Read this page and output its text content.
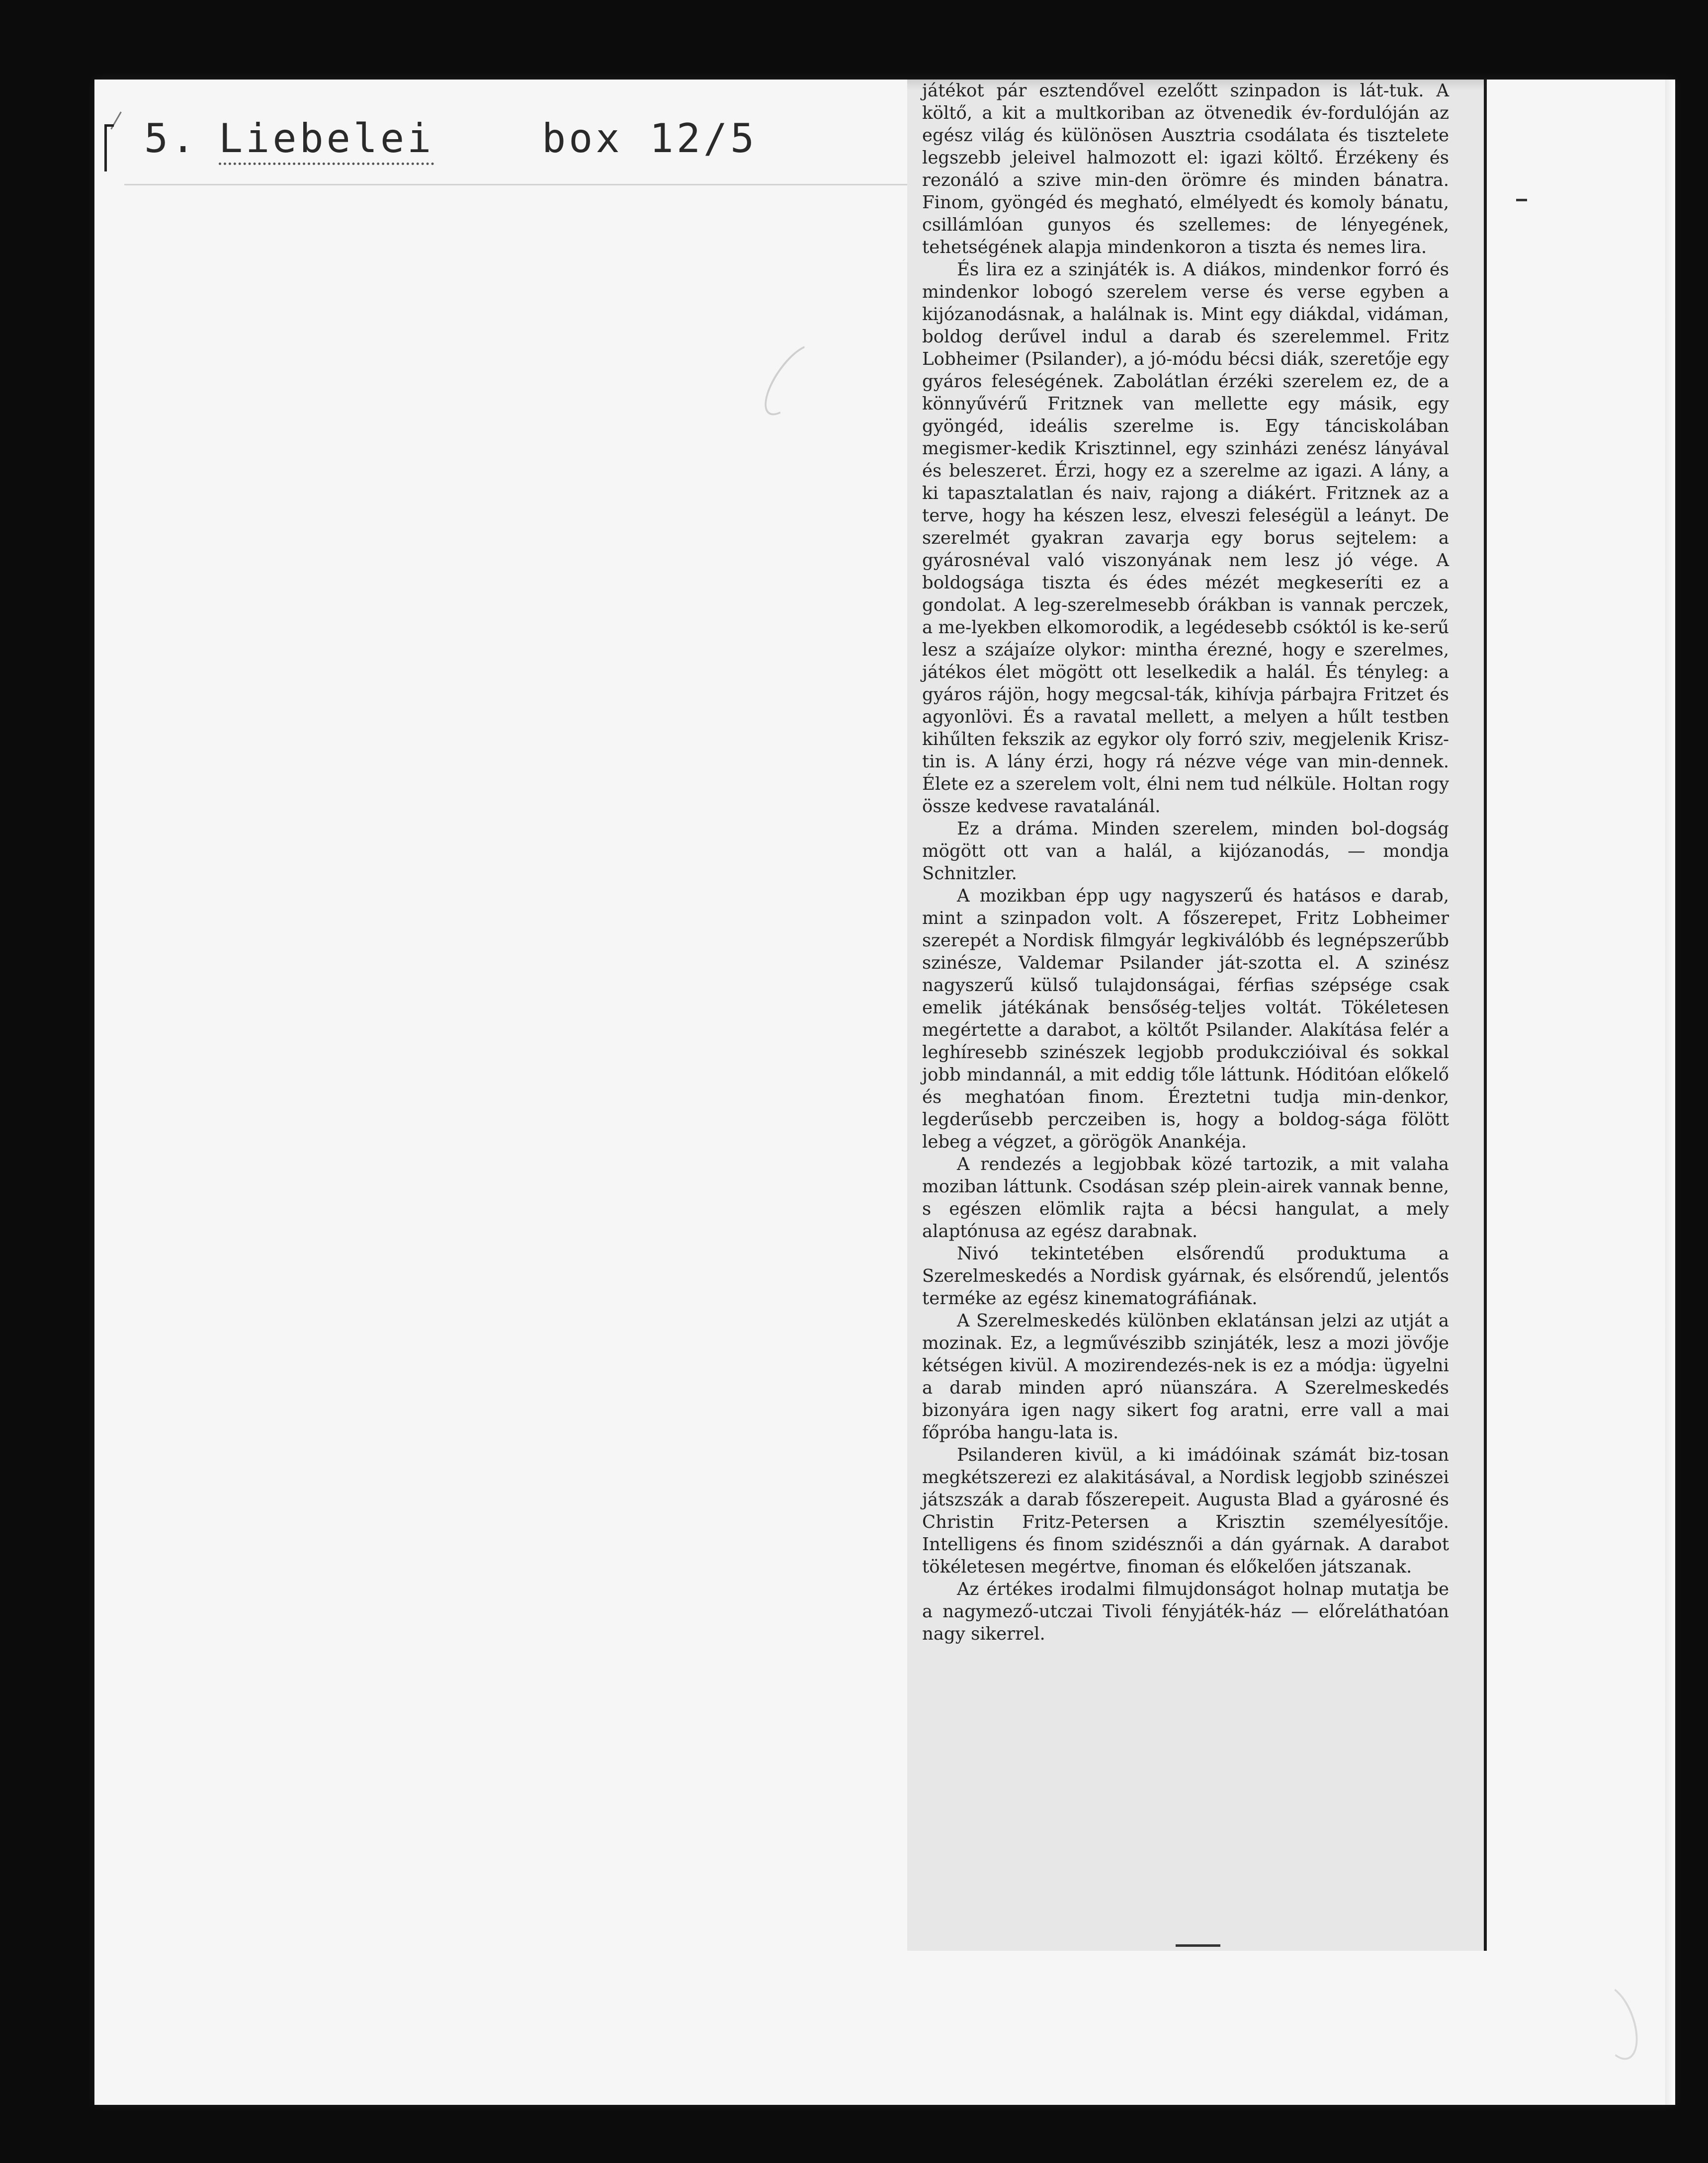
5. Liebelei	box 12/5

játékot pár esztendővel ezelőtt szinpadon is lát-tuk. A költő, a kit a multkoriban az ötvenedik év-fordulóján az egész világ és különösen Ausztria csodálata és tisztelete legszebb jeleivel halmozott el: igazi költő. Érzékeny és rezonáló a szive min-den örömre és minden bánatra. Finom, gyöngéd és megható, elmélyedt és komoly bánatu, csillámlóan gunyos és szellemes: de lényegének, tehetségének alapja mindenkoron a tiszta és nemes lira.

És lira ez a szinjáték is. A diákos, mindenkor forró és mindenkor lobogó szerelem verse és verse egyben a kijózanodásnak, a halálnak is. Mint egy diákdal, vidáman, boldog derűvel indul a darab és szerelemmel. Fritz Lobheimer (Psilander), a jó-módu bécsi diák, szeretője egy gyáros feleségének. Zabolátlan érzéki szerelem ez, de a könnyűvérű Fritznek van mellette egy másik, egy gyöngéd, ideális szerelme is. Egy tánciskolában megismer-kedik Krisztinnel, egy szinházi zenész lányával és beleszeret. Érzi, hogy ez a szerelme az igazi. A lány, a ki tapasztalatlan és naiv, rajong a diákért. Fritznek az a terve, hogy ha készen lesz, elveszi feleségül a leányt. De szerelmét gyakran zavarja egy borus sejtelem: a gyárosnéval való viszonyának nem lesz jó vége. A boldogsága tiszta és édes mézét megkeseríti ez a gondolat. A leg-szerelmesebb órákban is vannak perczek, a me-lyekben elkomorodik, a legédesebb csóktól is ke-serű lesz a szájaíze olykor: mintha érezné, hogy e szerelmes, játékos élet mögött ott leselkedik a halál. És tényleg: a gyáros rájön, hogy megcsal-ták, kihívja párbajra Fritzet és agyonlövi. És a ravatal mellett, a melyen a hűlt testben kihűlten fekszik az egykor oly forró sziv, megjelenik Krisz-tin is. A lány érzi, hogy rá nézve vége van min-dennek. Élete ez a szerelem volt, élni nem tud nélküle. Holtan rogy össze kedvese ravatalánál.

Ez a dráma. Minden szerelem, minden bol-dogság mögött ott van a halál, a kijózanodás, — mondja Schnitzler.

A mozikban épp ugy nagyszerű és hatásos e darab, mint a szinpadon volt. A főszerepet, Fritz Lobheimer szerepét a Nordisk filmgyár legkiválóbb és legnépszerűbb szinésze, Valdemar Psilander ját-szotta el. A szinész nagyszerű külső tulajdonságai, férfias szépsége csak emelik játékának bensőség-teljes voltát. Tökéletesen megértette a darabot, a költőt Psilander. Alakítása felér a leghíresebb szinészek legjobb produkczióival és sokkal jobb mindannál, a mit eddig tőle láttunk. Hóditóan előkelő és meghatóan finom. Éreztetni tudja min-denkor, legderűsebb perczeiben is, hogy a boldog-sága fölött lebeg a végzet, a görögök Anankéja.

A rendezés a legjobbak közé tartozik, a mit valaha moziban láttunk. Csodásan szép plein-airek vannak benne, s egészen elömlik rajta a bécsi hangulat, a mely alaptónusa az egész darabnak.

Nivó tekintetében elsőrendű produktuma a Szerelmeskedés a Nordisk gyárnak, és elsőrendű, jelentős terméke az egész kinematográfiának.

A Szerelmeskedés különben eklatánsan jelzi az utját a mozinak. Ez, a legművészibb szinjáték, lesz a mozi jövője kétségen kivül. A mozirendezés-nek is ez a módja: ügyelni a darab minden apró nüanszára. A Szerelmeskedés bizonyára igen nagy sikert fog aratni, erre vall a mai főpróba hangu-lata is.

Psilanderen kivül, a ki imádóinak számát biz-tosan megkétszerezi ez alakitásával, a Nordisk legjobb szinészei játszszák a darab főszerepeit. Augusta Blad a gyárosné és Christin Fritz-Petersen a Krisztin személyesítője. Intelligens és finom szidésznői a dán gyárnak. A darabot tökéletesen megértve, finoman és előkelően játszanak.

Az értékes irodalmi filmujdonságot holnap mutatja be a nagymező-utczai Tivoli fényjáték-ház — előreláthatóan nagy sikerrel.
